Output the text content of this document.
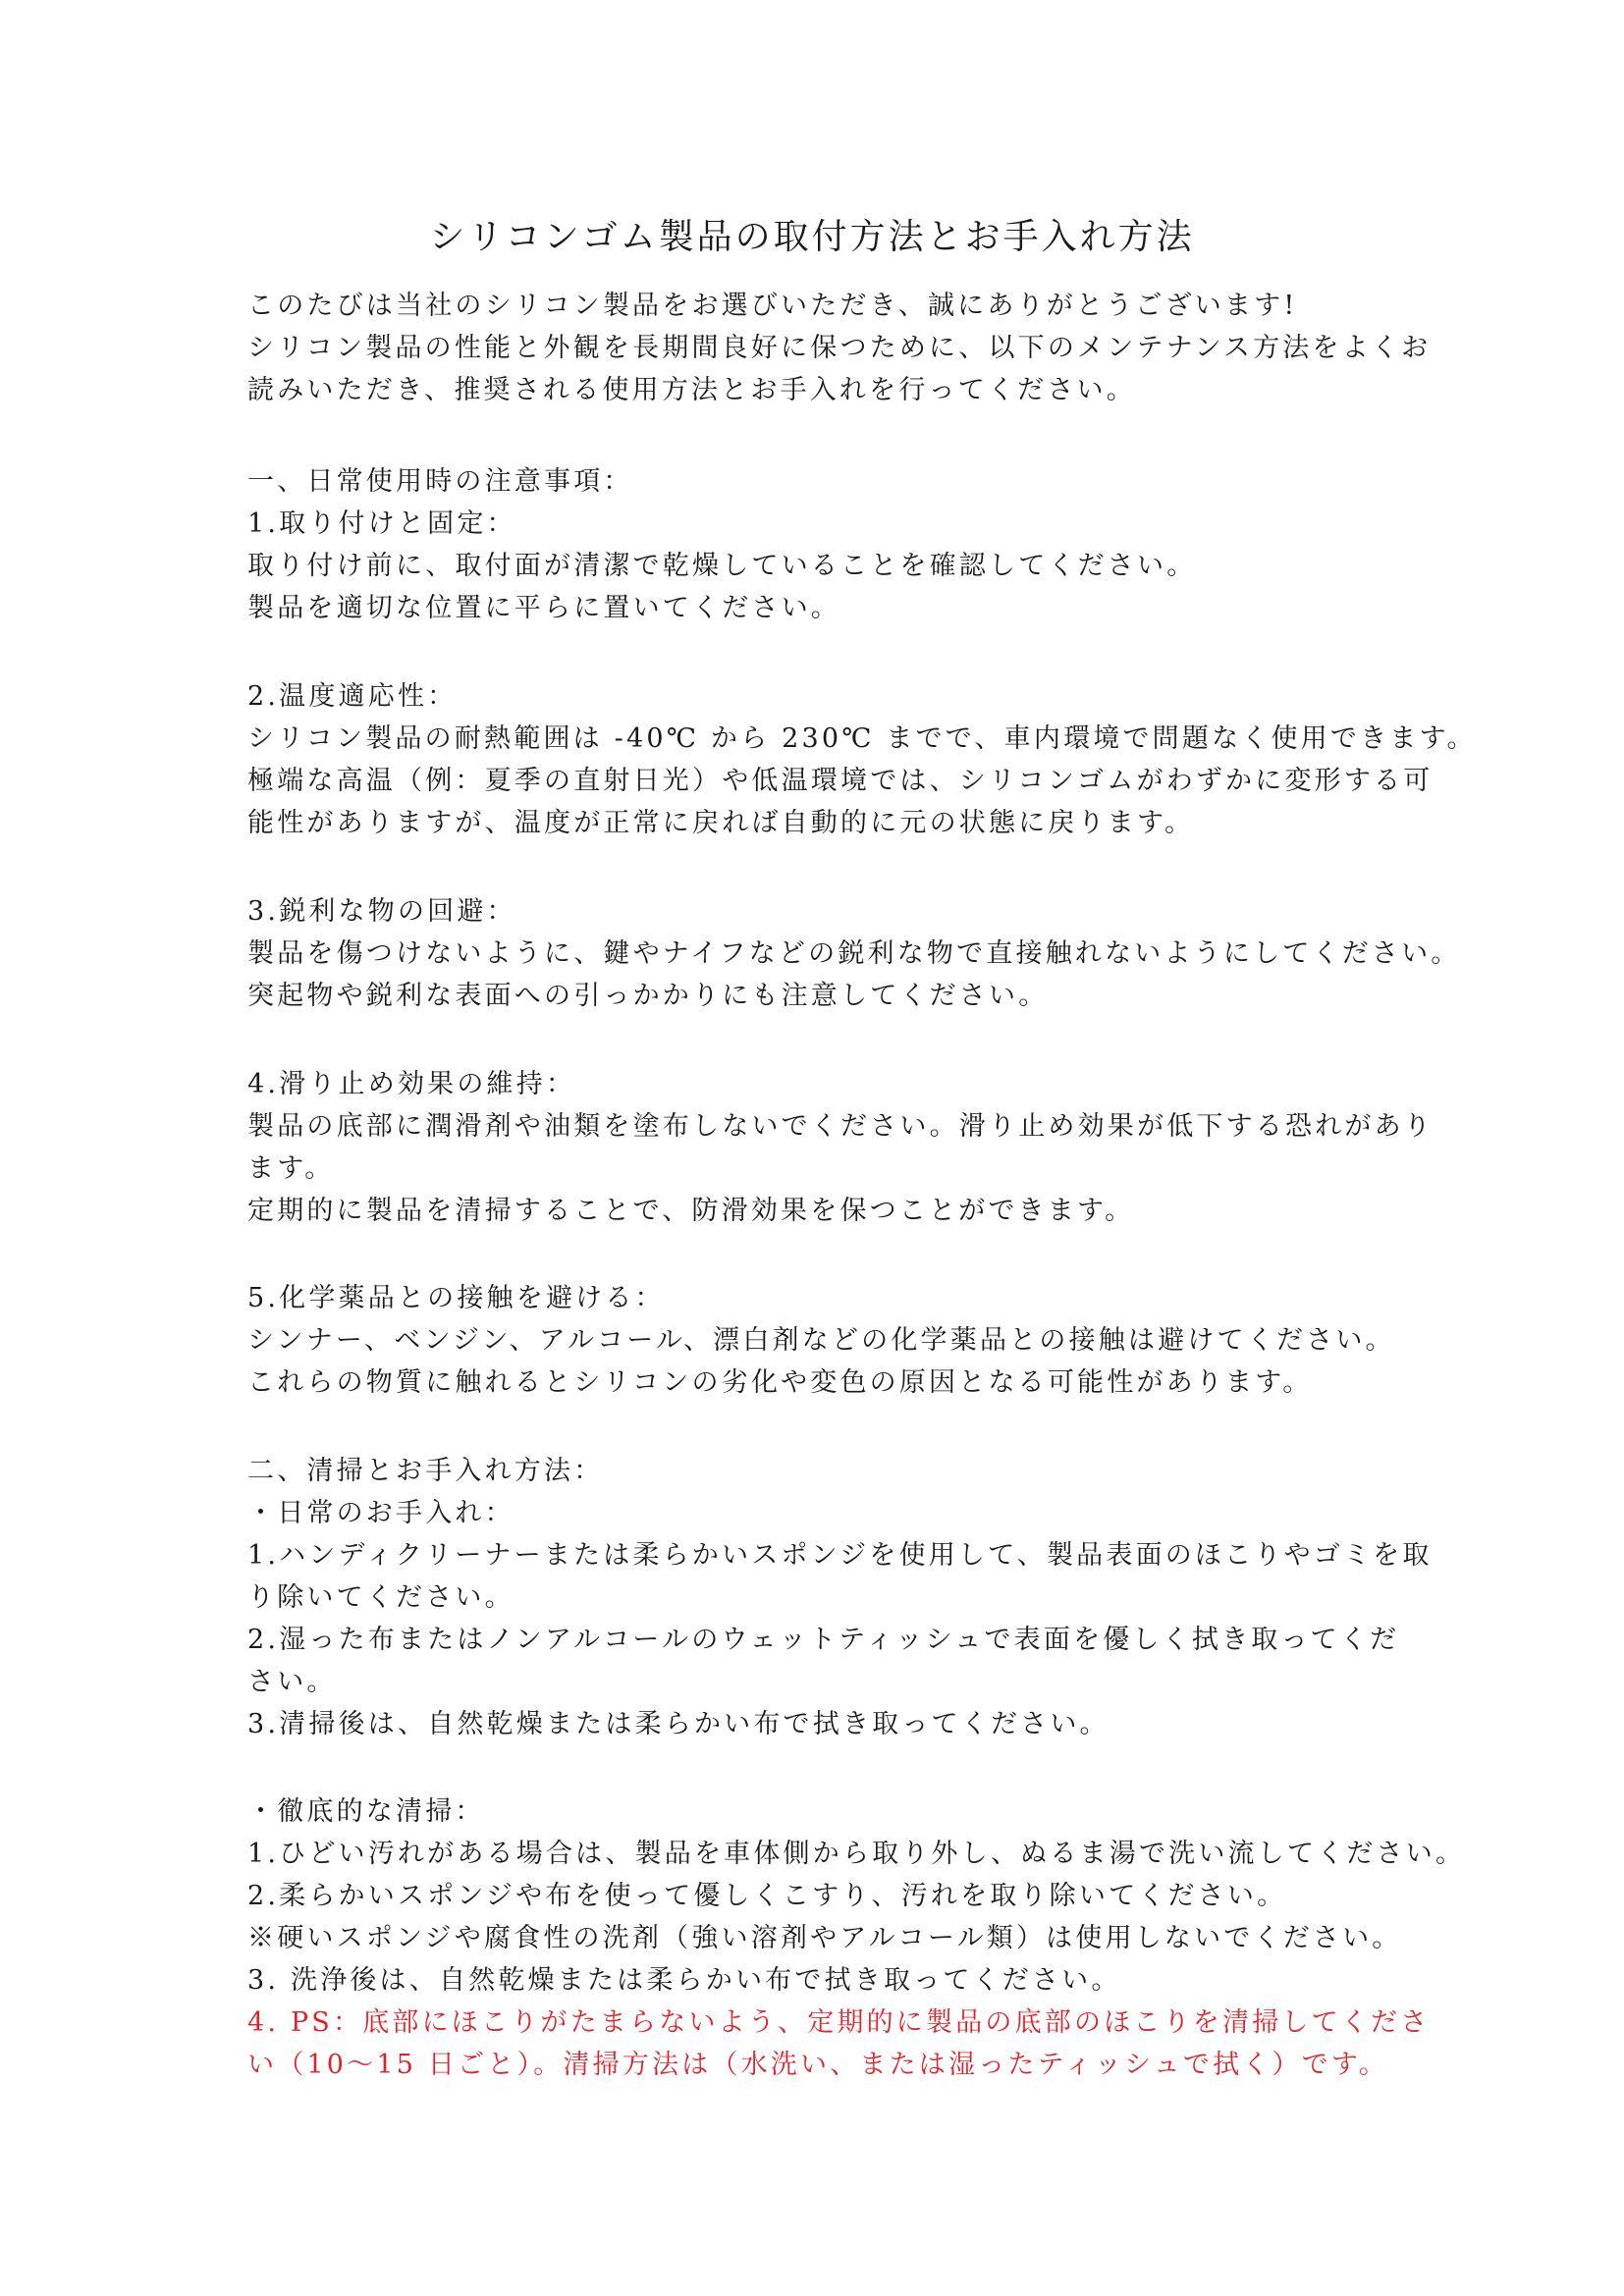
シリコンゴム製品の取付方法とお手入れ方法
このたびは当社のシリコン製品をお選びいただき、誠にありがとうございます!
シリコン製品の性能と外観を長期間良好に保つために、以下のメンテナンス方法をよくお
読みいただき、推奨される使用方法とお手入れを行ってください。
一、日常使用時の注意事項：
1.取り付けと固定：
取り付け前に、取付面が清潔で乾燥していることを確認してください。
製品を適切な位置に平らに置いてください。
2.温度適応性：
シリコン製品の耐熱範囲は -40℃ から 230℃ までで、車内環境で問題なく使用できます。
極端な高温（例：夏季の直射日光）や低温環境では、シリコンゴムがわずかに変形する可
能性がありますが、温度が正常に戻れば自動的に元の状態に戻ります。
3.鋭利な物の回避：
製品を傷つけないように、鍵やナイフなどの鋭利な物で直接触れないようにしてください。
突起物や鋭利な表面への引っかかりにも注意してください。
4.滑り止め効果の維持：
製品の底部に潤滑剤や油類を塗布しないでください。滑り止め効果が低下する恐れがあり
ます。
定期的に製品を清掃することで、防滑効果を保つことができます。
5.化学薬品との接触を避ける：
シンナー、ベンジン、アルコール、漂白剤などの化学薬品との接触は避けてください。
これらの物質に触れるとシリコンの劣化や変色の原因となる可能性があります。
二、清掃とお手入れ方法：
・日常のお手入れ：
1.ハンディクリーナーまたは柔らかいスポンジを使用して、製品表面のほこりやゴミを取
り除いてください。
2.湿った布またはノンアルコールのウェットティッシュで表面を優しく拭き取ってくだ
さい。
3.清掃後は、自然乾燥または柔らかい布で拭き取ってください。
・徹底的な清掃：
1.ひどい汚れがある場合は、製品を車体側から取り外し、ぬるま湯で洗い流してください。
2.柔らかいスポンジや布を使って優しくこすり、汚れを取り除いてください。
※硬いスポンジや腐食性の洗剤（強い溶剤やアルコール類）は使用しないでください。
3. 洗浄後は、自然乾燥または柔らかい布で拭き取ってください。
4. PS：底部にほこりがたまらないよう、定期的に製品の底部のほこりを清掃してくださ
い（10〜15 日ごと）。清掃方法は（水洗い、または湿ったティッシュで拭く）です。
